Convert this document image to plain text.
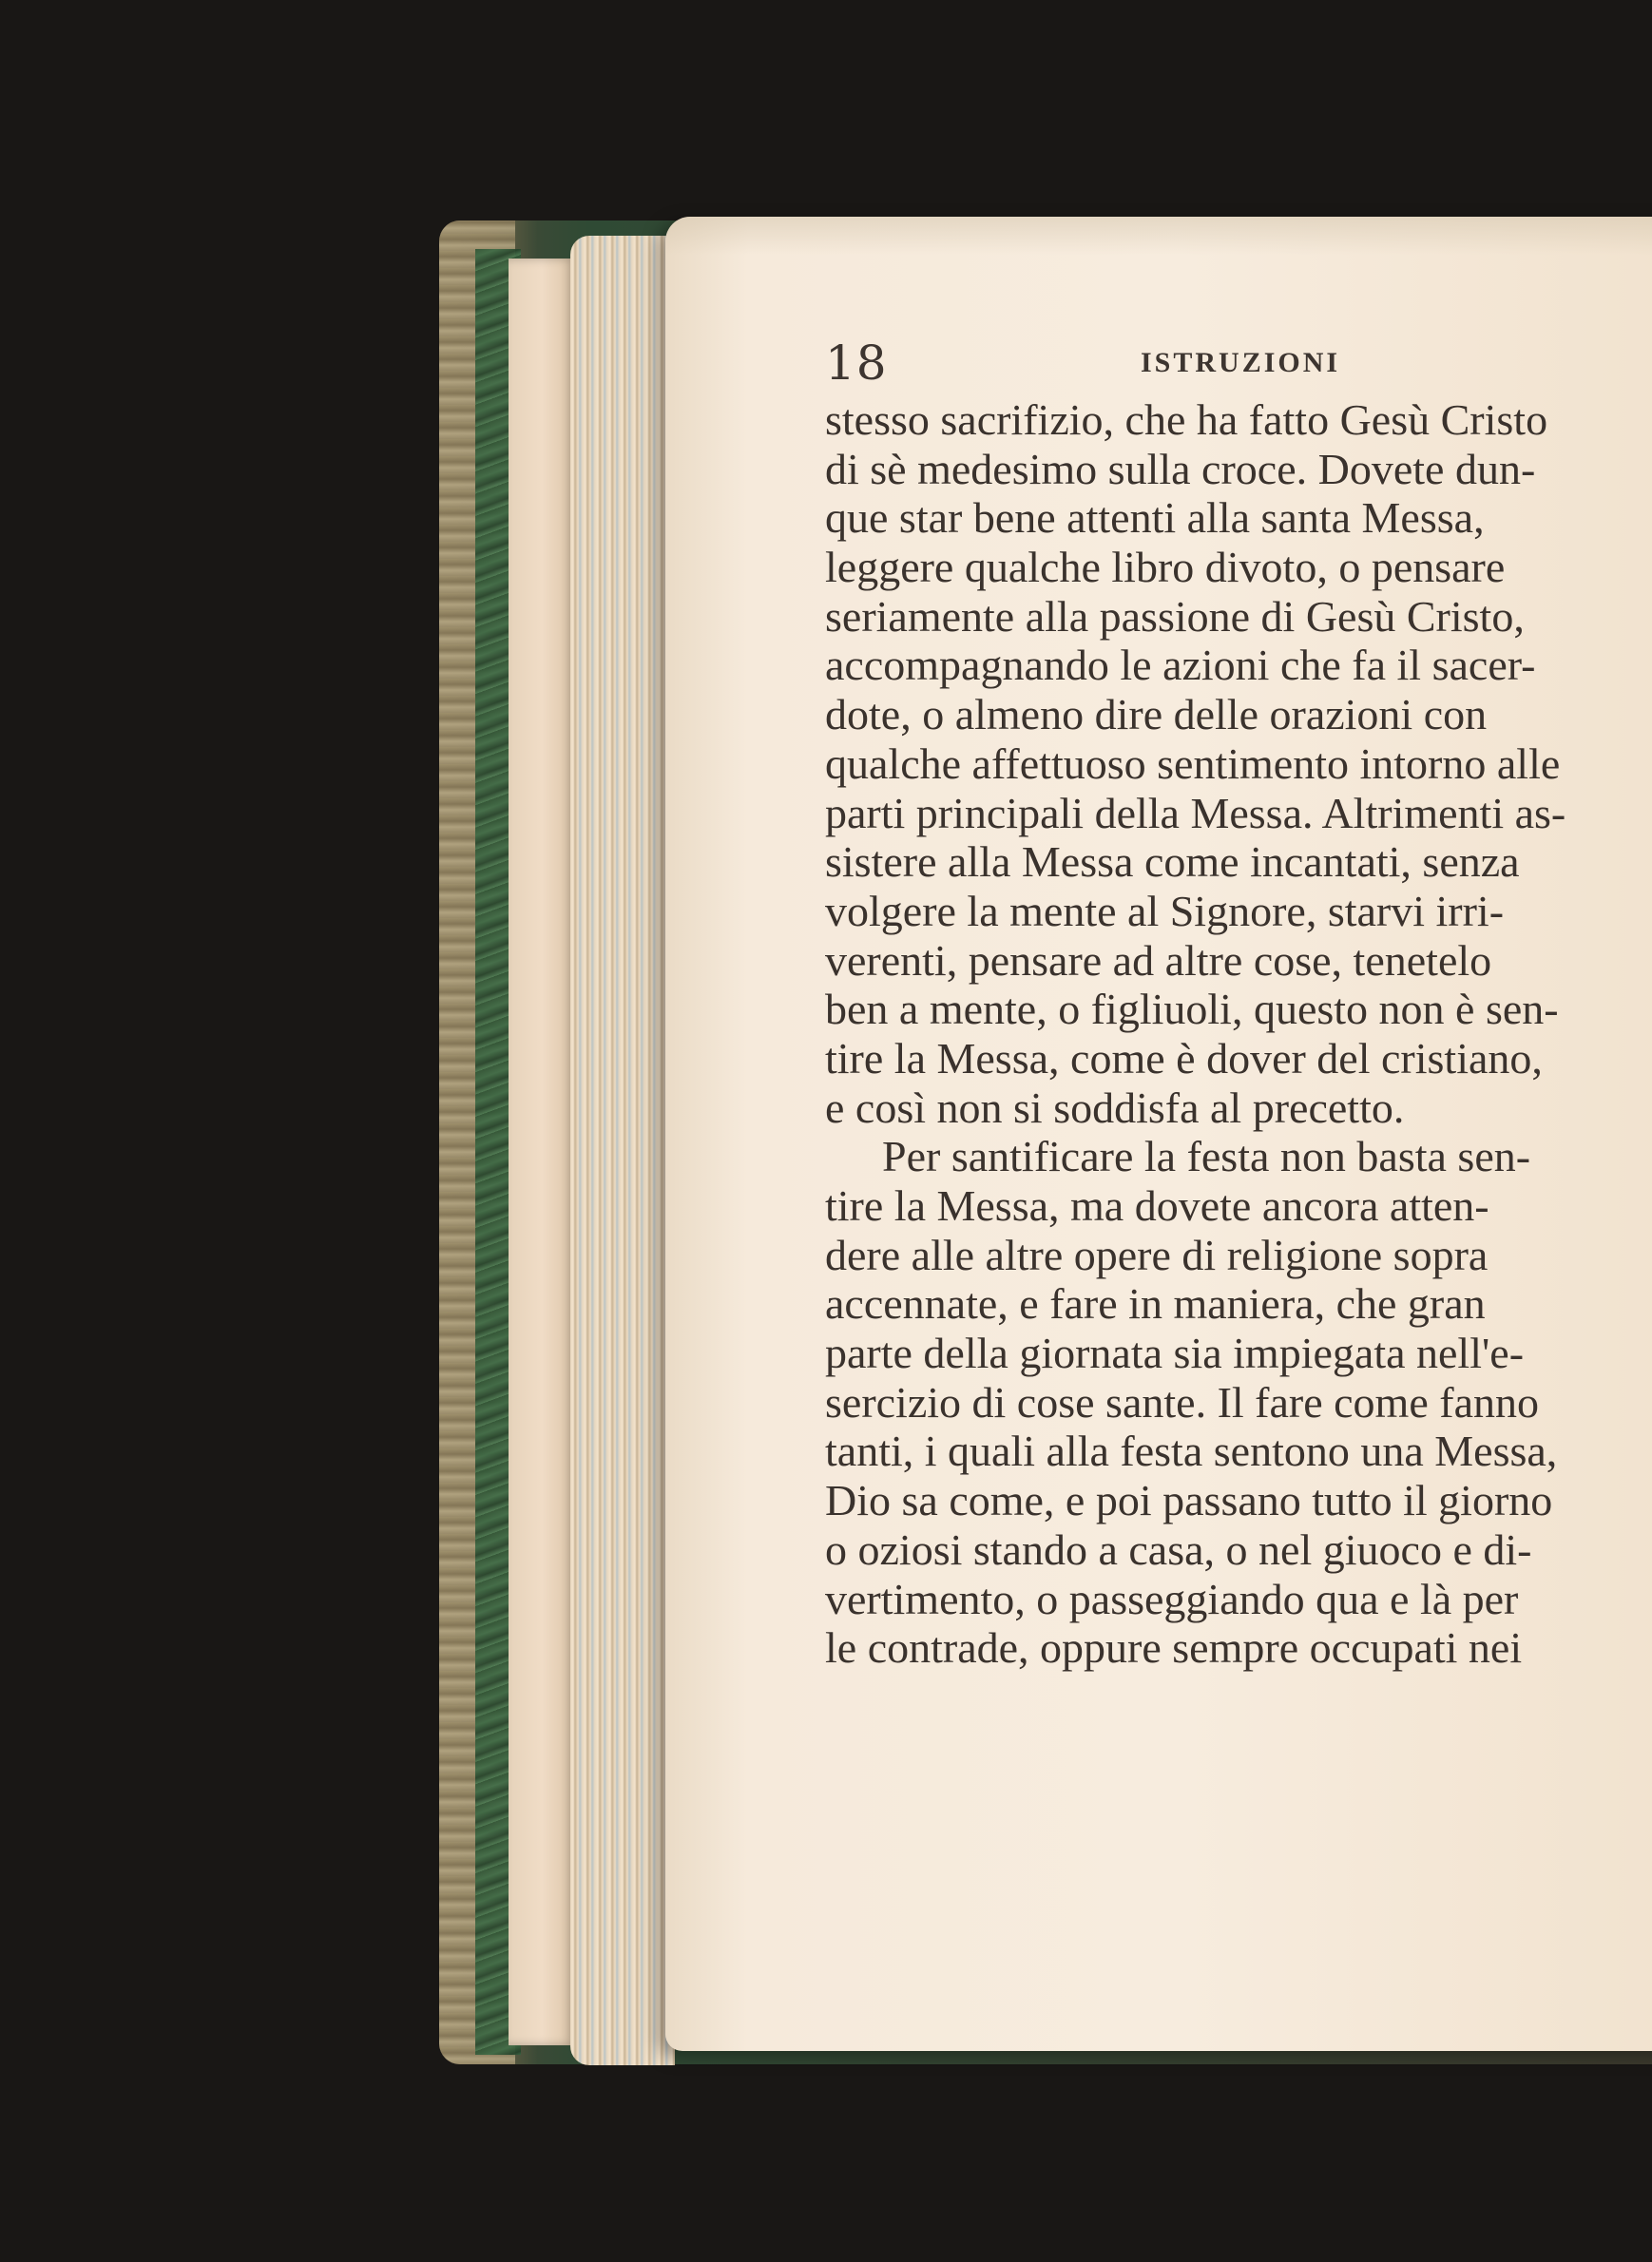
18	ISTRUZIONI
stesso sacrifizio, che ha fatto Gesù Cristo
di sè medesimo sulla croce. Dovete dun-
que star bene attenti alla santa Messa,
leggere qualche libro divoto, o pensare
seriamente alla passione di Gesù Cristo,
accompagnando le azioni che fa il sacer-
dote, o almeno dire delle orazioni con
qualche affettuoso sentimento intorno alle
parti principali della Messa. Altrimenti as-
sistere alla Messa come incantati, senza
volgere la mente al Signore, starvi irri-
verenti, pensare ad altre cose, tenetelo
ben a mente, o figliuoli, questo non è sen-
tire la Messa, come è dover del cristiano,
e così non si soddisfa al precetto.
Per santificare la festa non basta sen-
tire la Messa, ma dovete ancora atten-
dere alle altre opere di religione sopra
accennate, e fare in maniera, che gran
parte della giornata sia impiegata nell'e-
sercizio di cose sante. Il fare come fanno
tanti, i quali alla festa sentono una Messa,
Dio sa come, e poi passano tutto il giorno
o oziosi stando a casa, o nel giuoco e di-
vertimento, o passeggiando qua e là per
le contrade, oppure sempre occupati nei
